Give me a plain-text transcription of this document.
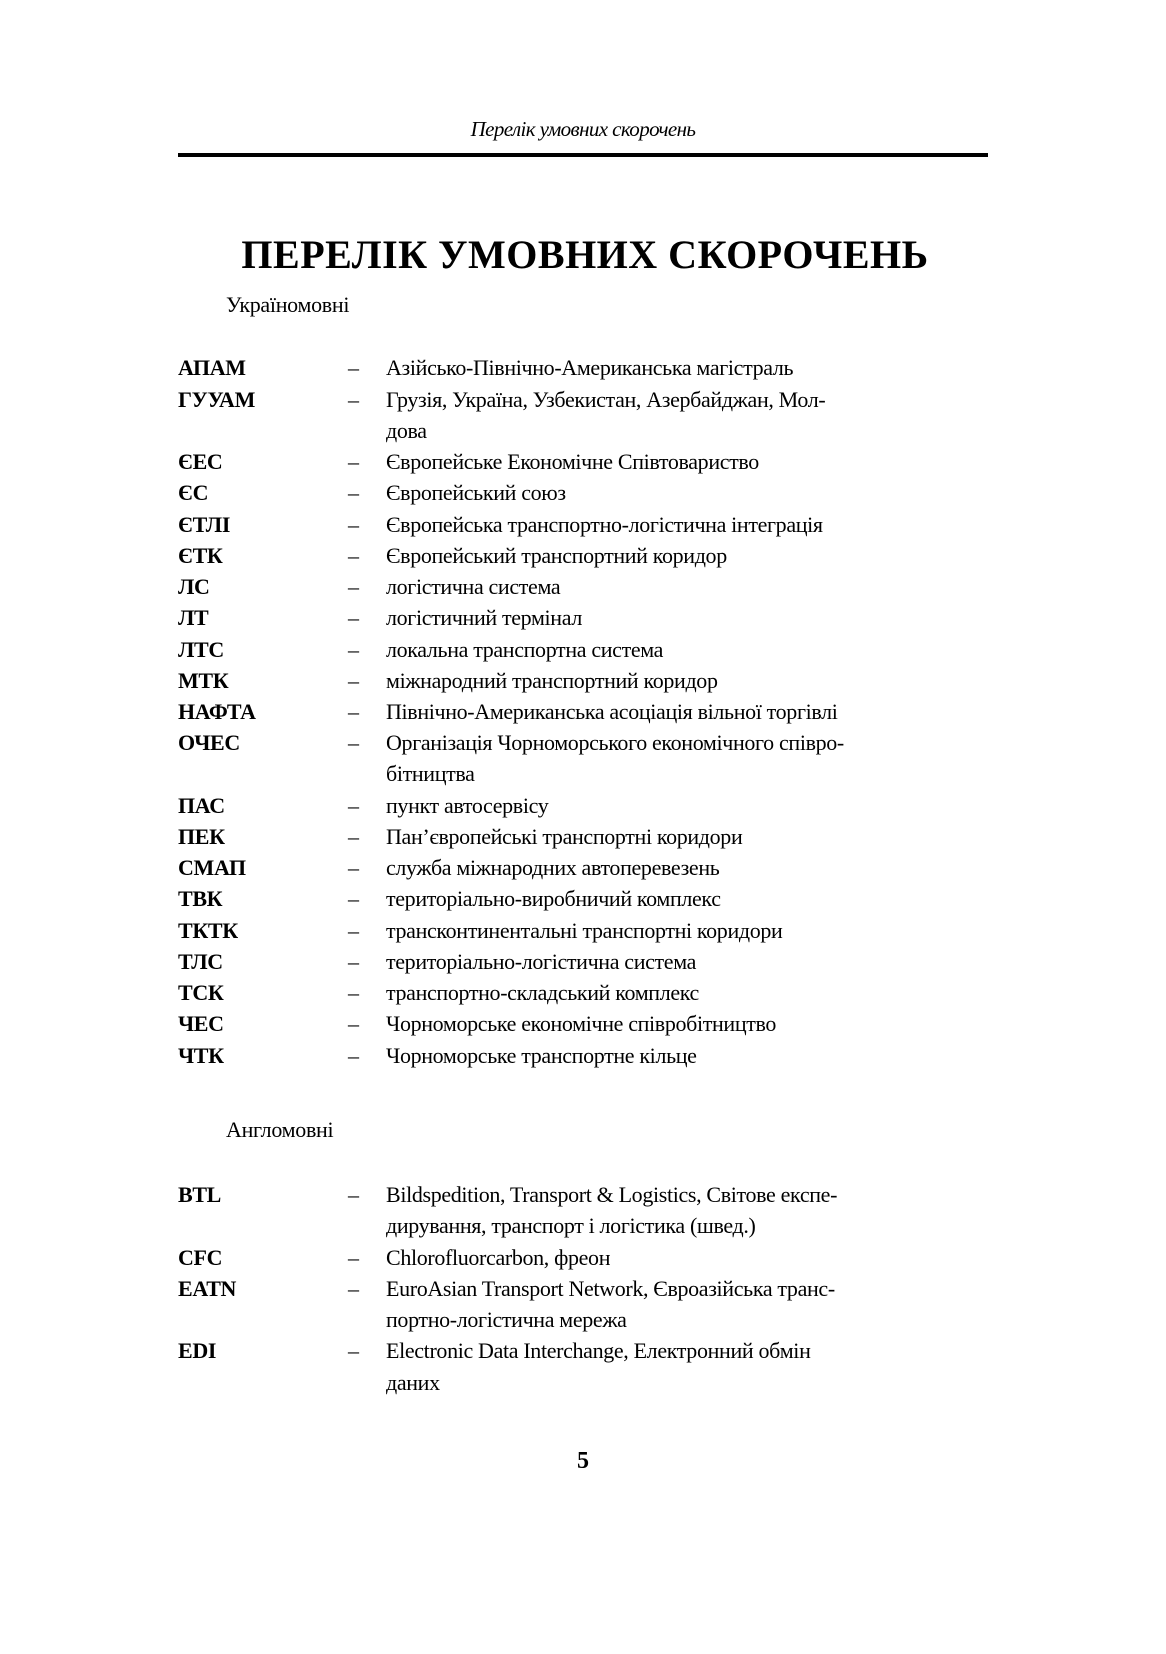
Перелік умовних скорочень
ПЕРЕЛІК УМОВНИХ СКОРОЧЕНЬ
Україномовні
АПАМ	–	Азійсько-Північно-Американська магістраль
ГУУАМ	–	Грузія, Україна, Узбекистан, Азербайджан, Мол-
дова

ЄЕС	–	Європейське Економічне Співтовариство
ЄС	–	Європейський союз
ЄТЛІ	–	Європейська транспортно-логістична інтеграція
ЄТК	–	Європейський транспортний коридор
ЛС	–	логістична система
ЛТ	–	логістичний термінал
ЛТС	–	локальна транспортна система
МТК	–	міжнародний транспортний коридор
НАФТА	–	Північно-Американська асоціація вільної торгівлі
ОЧЕС	–	Організація Чорноморського економічного співро-
бітництва

ПАС	–	пункт автосервісу
ПЕК	–	Пан’європейські транспортні коридори
СМАП	–	служба міжнародних автоперевезень
ТВК	–	територіально-виробничий комплекс
ТКТК	–	трансконтинентальні транспортні коридори
ТЛС	–	територіально-логістична система
ТСК	–	транспортно-складський комплекс
ЧЕС	–	Чорноморське економічне співробітництво
ЧТК	–	Чорноморське транспортне кільце
Англомовні
BTL	–	Bildspedition, Transport & Logistics, Світове експе-
дирування, транспорт і логістика (швед.)

CFC	–	Chlorofluorcarbon, фреон
EATN	–	EuroAsian Transport Network, Євроазійська транс-
портно-логістична мережа

EDI	–	Electronic Data Interchange, Електронний обмін
даних
5
